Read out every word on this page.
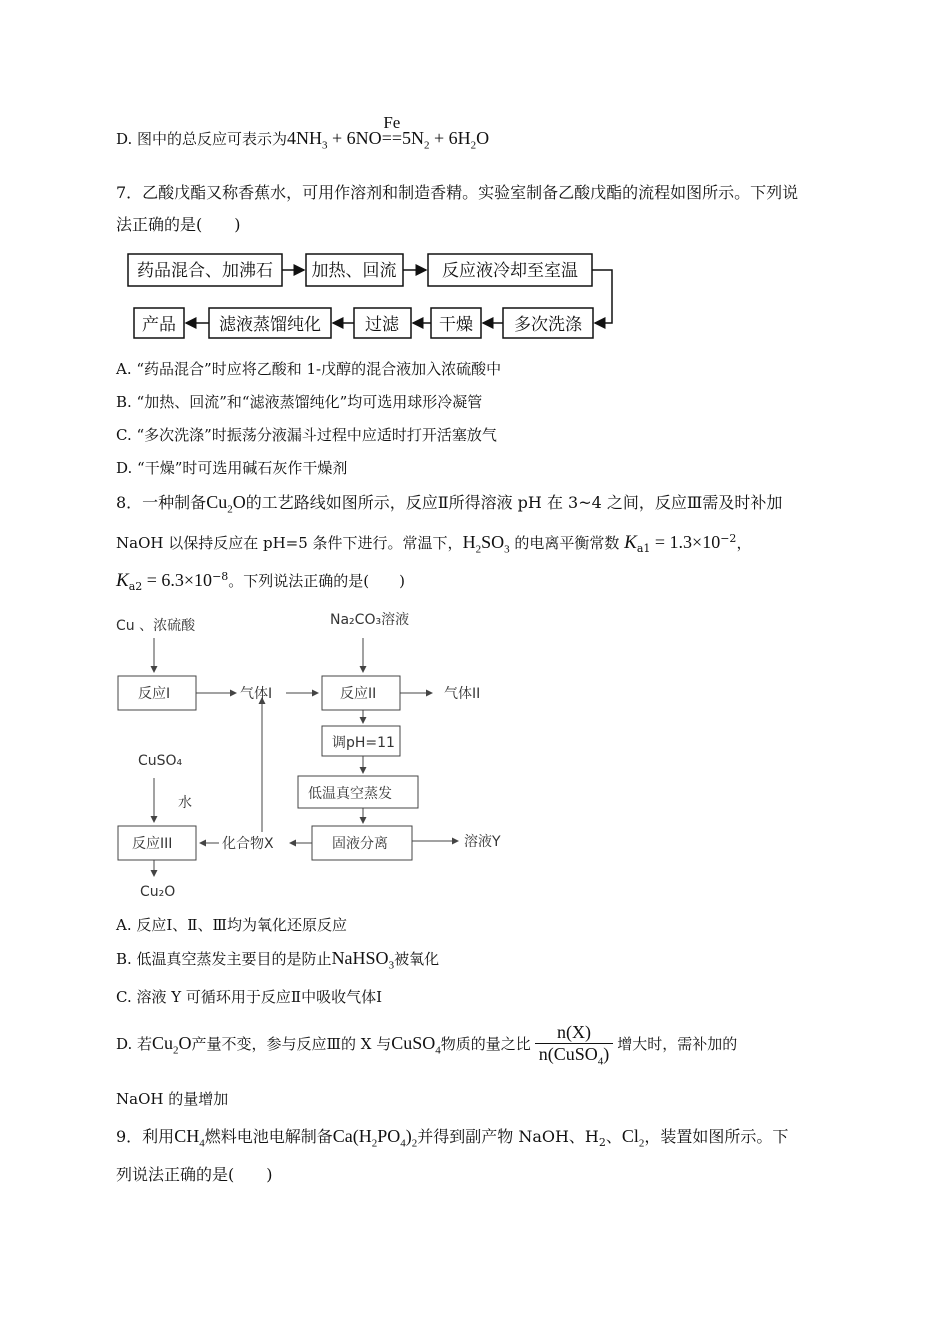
D. 图中的总反应可表示为$4NH_3 + 6NO$
Fe
$==5N_2 + 6H_2O$
7．乙酸戊酯又称香蕉水，可用作溶剂和制造香精。实验室制备乙酸戊酯的流程如图所示。下列说
法正确的是(　　)
药品混合、加沸石 加热、回流	反应液冷却至室温
多次洗涤
干燥
过滤
滤液蒸馏纯化
产品
A. “药品混合”时应将乙酸和 1-戊醇的混合液加入浓硫酸中
B. “加热、回流”和“滤液蒸馏纯化”均可选用球形冷凝管
C. “多次洗涤”时振荡分液漏斗过程中应适时打开活塞放气
D. “干燥”时可选用碱石灰作干燥剂
8．一种制备$Cu_2O$的工艺路线如图所示，反应Ⅱ所得溶液 pH 在 3~4 之间，反应Ⅲ需及时补加
NaOH 以保持反应在 pH=5 条件下进行。常温下，$H_2SO_3$ 的电离平衡常数 $K_{a1} = 1.3\times 10^{-2}$，
$K_{a2} = 6.3\times 10^{-8}$。下列说法正确的是(　　)
Cu 、浓硫酸	Na₂CO₃溶液
反应I	气体I	反应II	气体II
调pH=11
低温真空蒸发
CuSO₄
水
反应III	化合物X	固液分离	溶液Y
Cu₂O
A. 反应Ⅰ、Ⅱ、Ⅲ均为氧化还原反应
B. 低温真空蒸发主要目的是防止NaHSO$_3$被氧化
C. 溶液 Y 可循环用于反应Ⅱ中吸收气体Ⅰ
D. 若$Cu_2O$产量不变，参与反应Ⅲ的 X 与CuSO$_4$物质的量之比 $\frac{n(X)}{n(CuSO_4)}$ 增大时，需补加的
NaOH 的量增加
9．利用$CH_4$燃料电池电解制备$Ca(H_2PO_4)_2$并得到副产物 NaOH、$H_2$、$Cl_2$，装置如图所示。下
列说法正确的是(　　)
